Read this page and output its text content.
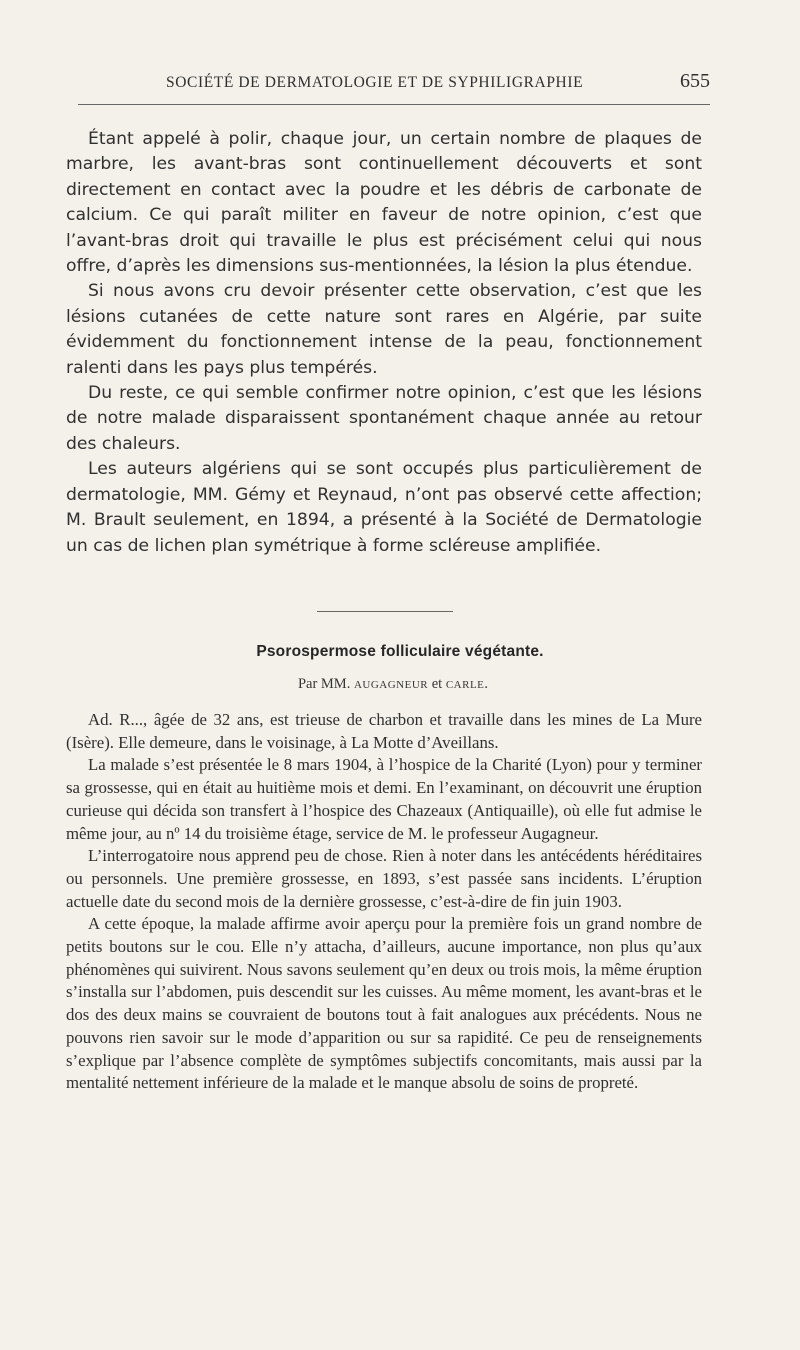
SOCIÉTÉ DE DERMATOLOGIE ET DE SYPHILIGRAPHIE	655

Étant appelé à polir, chaque jour, un certain nombre de plaques de marbre, les avant-bras sont continuellement découverts et sont directement en contact avec la poudre et les débris de carbonate de calcium. Ce qui paraît militer en faveur de notre opinion, c’est que l’avant-bras droit qui travaille le plus est précisément celui qui nous offre, d’après les dimensions sus-mentionnées, la lésion la plus étendue.

Si nous avons cru devoir présenter cette observation, c’est que les lésions cutanées de cette nature sont rares en Algérie, par suite évidemment du fonctionnement intense de la peau, fonctionnement ralenti dans les pays plus tempérés.

Du reste, ce qui semble confirmer notre opinion, c’est que les lésions de notre malade disparaissent spontanément chaque année au retour des chaleurs.

Les auteurs algériens qui se sont occupés plus particulièrement de dermatologie, MM. Gémy et Reynaud, n’ont pas observé cette affection; M. Brault seulement, en 1894, a présenté à la Société de Dermatologie un cas de lichen plan symétrique à forme scléreuse amplifiée.

Psorospermose folliculaire végétante.
Par MM. AUGAGNEUR et CARLE.

Ad. R..., âgée de 32 ans, est trieuse de charbon et travaille dans les mines de La Mure (Isère). Elle demeure, dans le voisinage, à La Motte d’Aveillans.

La malade s’est présentée le 8 mars 1904, à l’hospice de la Charité (Lyon) pour y terminer sa grossesse, qui en était au huitième mois et demi. En l’examinant, on découvrit une éruption curieuse qui décida son transfert à l’hospice des Chazeaux (Antiquaille), où elle fut admise le même jour, au nº 14 du troisième étage, service de M. le professeur Augagneur.

L’interrogatoire nous apprend peu de chose. Rien à noter dans les antécédents héréditaires ou personnels. Une première grossesse, en 1893, s’est passée sans incidents. L’éruption actuelle date du second mois de la dernière grossesse, c’est-à-dire de fin juin 1903.

A cette époque, la malade affirme avoir aperçu pour la première fois un grand nombre de petits boutons sur le cou. Elle n’y attacha, d’ailleurs, aucune importance, non plus qu’aux phénomènes qui suivirent. Nous savons seulement qu’en deux ou trois mois, la même éruption s’installa sur l’abdomen, puis descendit sur les cuisses. Au même moment, les avant-bras et le dos des deux mains se couvraient de boutons tout à fait analogues aux précédents. Nous ne pouvons rien savoir sur le mode d’apparition ou sur sa rapidité. Ce peu de renseignements s’explique par l’absence complète de symptômes subjectifs concomitants, mais aussi par la mentalité nettement inférieure de la malade et le manque absolu de soins de propreté.
